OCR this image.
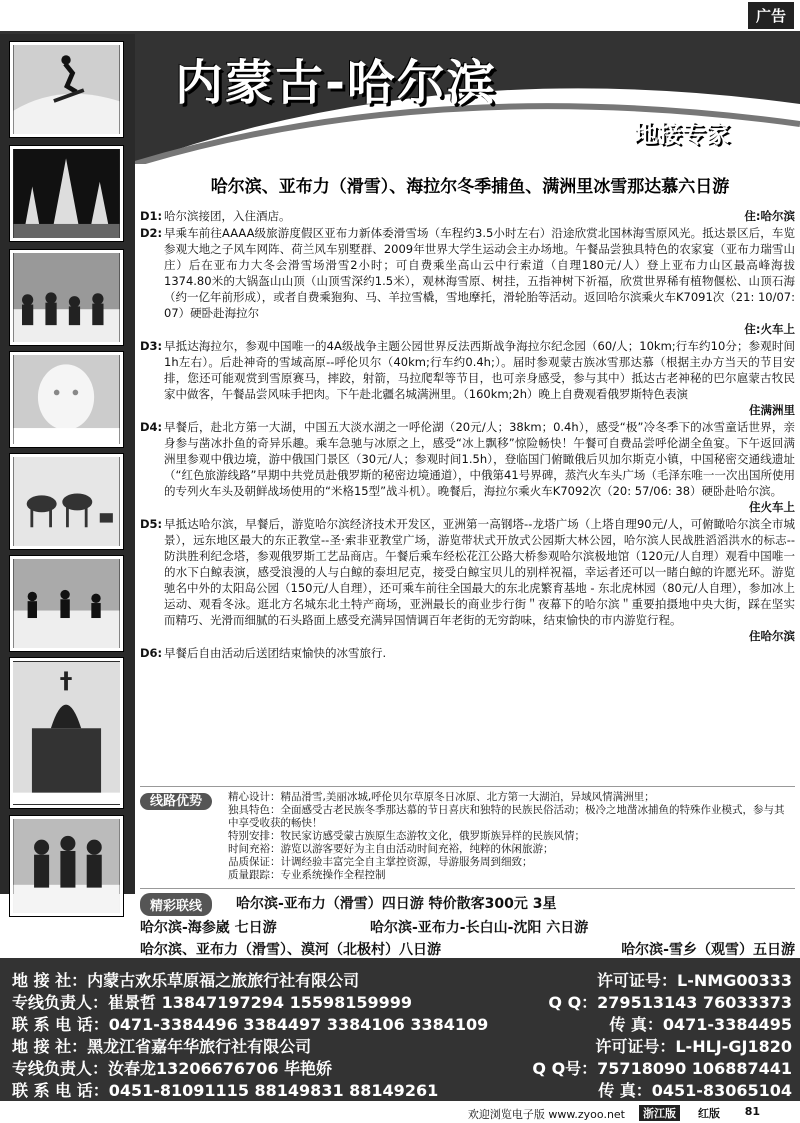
广告
内蒙古-哈尔滨
地接专家
哈尔滨、亚布力（滑雪）、海拉尔冬季捕鱼、满洲里冰雪那达慕六日游
D1: 哈尔滨接团，入住酒店。	住:哈尔滨
D2: 早乘车前往AAAA级旅游度假区亚布力新体委滑雪场（车程约3.5小时左右）沿途欣赏北国林海雪原风光。抵达景区后，车览参观大地之子风车网阵、荷兰风车别墅群、2009年世界大学生运动会主办场地。午餐品尝独具特色的农家宴（亚布力瑞雪山庄）后在亚布力大冬会滑雪场滑雪2小时；可自费乘坐高山云中行索道（自理180元/人）登上亚布力山区最高峰海拔1374.80米的大锅盔山山顶（山顶雪深约1.5米），观林海雪原、树挂，五指神树下祈福，欣赏世界稀有植物偃松、山顶石海（约一亿年前形成），或者自费乘狍狗、马、羊拉雪橇，雪地摩托，滑轮胎等活动。返回哈尔滨乘火车K7091次（21: 10/07: 07）硬卧赴海拉尔
住:火车上
D3: 早抵达海拉尔，参观中国唯一的4A级战争主题公园世界反法西斯战争海拉尔纪念园（60/人；10km;行车约10分；参观时间1h左右）。后赴神奇的雪域高原--呼伦贝尔（40km;行车约0.4h;）。届时参观蒙古族冰雪那达慕（根据主办方当天的节目安排，您还可能观赏到雪原赛马，摔跤，射箭，马拉爬犁等节目，也可亲身感受，参与其中）抵达古老神秘的巴尔扈蒙古牧民家中做客，午餐品尝风味手把肉。下午赴北疆名城满洲里。（160km;2h）晚上自费观看俄罗斯特色表演
住满洲里
D4: 早餐后，赴北方第一大湖，中国五大淡水湖之一呼伦湖（20元/人；38km；0.4h），感受“极”冷冬季下的冰雪童话世界，亲身参与凿冰扑鱼的奇异乐趣。乘车急驰与冰原之上，感受“冰上飘移”惊险畅快！午餐可自费品尝呼伦湖全鱼宴。下午返回满洲里参观中俄边境，游中俄国门景区（30元/人；参观时间1.5h），登临国门俯瞰俄后贝加尔斯克小镇，中国秘密交通线遗址（“红色旅游线路”早期中共党员赴俄罗斯的秘密边境通道），中俄第41号界碑，蒸汽火车头广场（毛泽东唯一一次出国所使用的专列火车头及朝鲜战场使用的“米格15型”战斗机）。晚餐后，海拉尔乘火车K7092次（20: 57/06: 38）硬卧赴哈尔滨。
住火车上
D5: 早抵达哈尔滨，早餐后，游览哈尔滨经济技术开发区，亚洲第一高钢塔--龙塔广场（上塔自理90元/人，可俯瞰哈尔滨全市城景），远东地区最大的东正教堂--圣·索非亚教堂广场，游览带状式开放式公园斯大林公园，哈尔滨人民战胜滔滔洪水的标志--防洪胜利纪念塔，参观俄罗斯工艺品商店。午餐后乘车经松花江公路大桥参观哈尔滨极地馆（120元/人自理）观看中国唯一的水下白鲸表演，感受浪漫的人与白鲸的泰坦尼克，接受白鲸宝贝儿的别样祝福，幸运者还可以一睹白鲸的许愿光环。游览驰名中外的太阳岛公园（150元/人自理），还可乘车前往全国最大的东北虎繁育基地 - 东北虎林园（80元/人自理），参加冰上运动、观看冬泳。逛北方名城东北土特产商场，亚洲最长的商业步行街＂夜幕下的哈尔滨＂重要拍摄地中央大街，踩在坚实而精巧、光滑而细腻的石头路面上感受充满异国情调百年老街的无穷韵味，结束愉快的市内游览行程。
住哈尔滨
D6: 早餐后自由活动后送团结束愉快的冰雪旅行.
线路优势	精心设计：精品滑雪,美丽冰城,呼伦贝尔草原冬日冰原、北方第一大湖泊，异域风情满洲里；
独具特色：全面感受古老民族冬季那达慕的节日喜庆和独特的民族民俗活动；极冷之地凿冰捕鱼的特殊作业模式，参与其中享受收获的畅快！
特别安排：牧民家访感受蒙古族原生态游牧文化，俄罗斯族异样的民族风情；
时间充裕：游览以游客要好为主自由活动时间充裕，纯粹的休闲旅游；
品质保证：计调经验丰富完全自主掌控资源，导游服务周到细致；
质量跟踪：专业系统操作全程控制
精彩联线	哈尔滨-亚布力（滑雪）四日游 特价散客300元 3星
哈尔滨-海参崴 七日游	哈尔滨-亚布力-长白山-沈阳 六日游
哈尔滨、亚布力（滑雪）、漠河（北极村）八日游	哈尔滨-雪乡（观雪）五日游
地 接 社：内蒙古欢乐草原福之旅旅行社有限公司	许可证号：L-NMG00333
专线负责人：崔景哲 13847197294 15598159999	Q Q：279513143 76033373
联 系 电 话：0471-3384496 3384497 3384106 3384109	传 真：0471-3384495
地 接 社：黑龙江省嘉年华旅行社有限公司	许可证号：L-HLJ-GJ1820
专线负责人：汝春龙13206676706 毕艳娇	Q Q号：75718090 106887441
联 系 电 话：0451-81091115 88149831 88149261	传 真：0451-83065104
欢迎浏览电子版 www.zyoo.net	浙江版	红版 81
